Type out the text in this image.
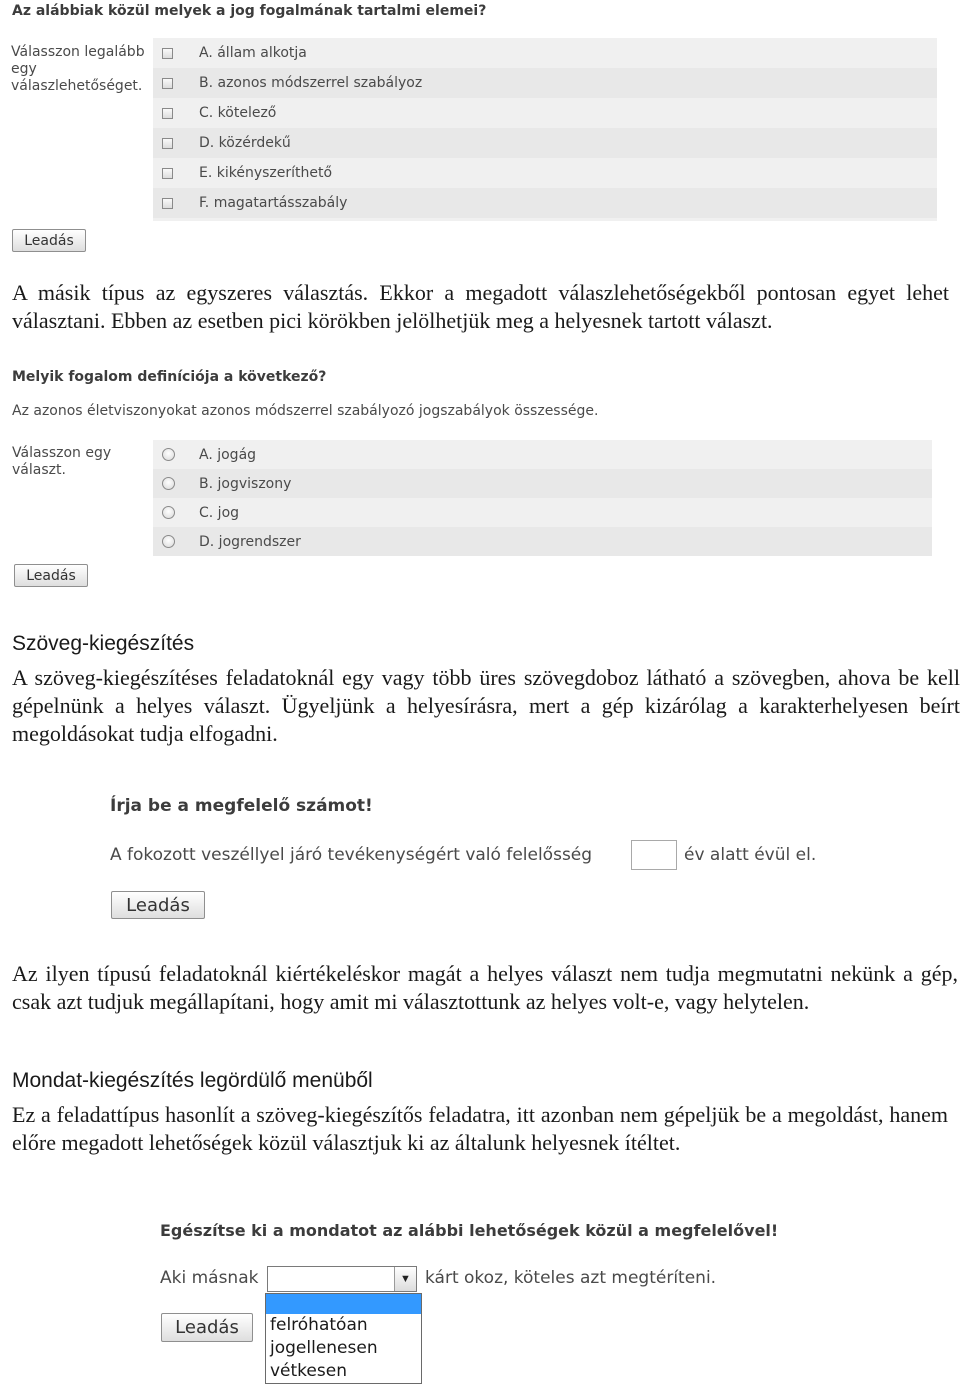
Az alábbiak közül melyek a jog fogalmának tartalmi elemei?
Válasszon legalább egy válaszlehetőséget.
A. állam alkotja
B. azonos módszerrel szabályoz
C. kötelező
D. közérdekű
E. kikényszeríthető
F. magatartásszabály
Leadás
A másik típus az egyszeres választás. Ekkor a megadott válaszlehetőségekből pontosan egyet lehet választani. Ebben az esetben pici körökben jelölhetjük meg a helyesnek tartott választ.
Melyik fogalom definíciója a következő?
Az azonos életviszonyokat azonos módszerrel szabályozó jogszabályok összessége.
Válasszon egy választ.
A. jogág
B. jogviszony
C. jog
D. jogrendszer
Leadás
Szöveg-kiegészítés
A szöveg-kiegészítéses feladatoknál egy vagy több üres szövegdoboz látható a szövegben, ahova be kell gépelnünk a helyes választ. Ügyeljünk a helyesírásra, mert a gép kizárólag a karakterhelyesen beírt megoldásokat tudja elfogadni.
Írja be a megfelelő számot!
A fokozott veszéllyel járó tevékenységért való felelősség	év alatt évül el.
Leadás
Az ilyen típusú feladatoknál kiértékeléskor magát a helyes választ nem tudja megmutatni nekünk a gép, csak azt tudjuk megállapítani, hogy amit mi választottunk az helyes volt-e, vagy helytelen.
Mondat-kiegészítés legördülő menüből
Ez a feladattípus hasonlít a szöveg-kiegészítős feladatra, itt azonban nem gépeljük be a megoldást, hanem előre megadott lehetőségek közül választjuk ki az általunk helyesnek ítéltet.
Egészítse ki a mondatot az alábbi lehetőségek közül a megfelelővel!
Aki másnak	▼ kárt okoz, köteles azt megtéríteni.
felróhatóan
jogellenesen
vétkesen
Leadás
